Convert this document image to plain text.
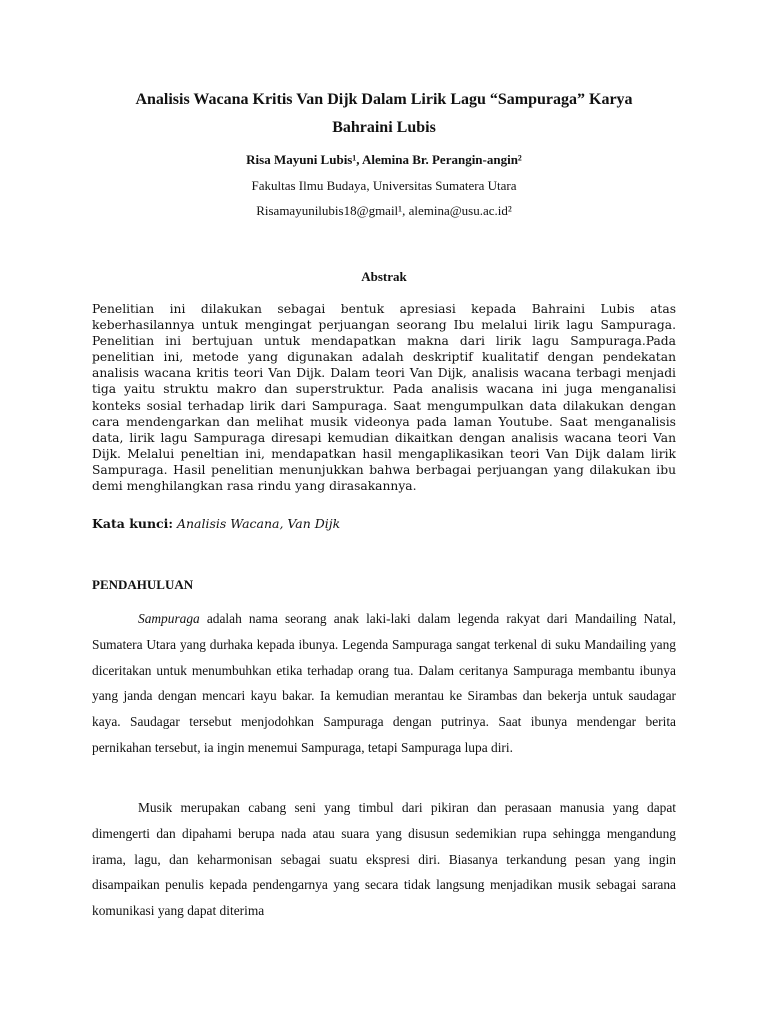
Analisis Wacana Kritis Van Dijk Dalam Lirik Lagu “Sampuraga” Karya
Bahraini Lubis

Risa Mayuni Lubis¹, Alemina Br. Perangin-angin²

Fakultas Ilmu Budaya, Universitas Sumatera Utara

Risamayunilubis18@gmail¹, alemina@usu.ac.id²

Abstrak

Penelitian ini dilakukan sebagai bentuk apresiasi kepada Bahraini Lubis atas keberhasilannya untuk mengingat perjuangan seorang Ibu melalui lirik lagu Sampuraga. Penelitian ini bertujuan untuk mendapatkan makna dari lirik lagu Sampuraga.Pada penelitian ini, metode yang digunakan adalah deskriptif kualitatif dengan pendekatan analisis wacana kritis teori Van Dijk. Dalam teori Van Dijk, analisis wacana terbagi menjadi tiga yaitu struktu makro dan superstruktur. Pada analisis wacana ini juga menganalisi konteks sosial terhadap lirik dari Sampuraga. Saat mengumpulkan data dilakukan dengan cara mendengarkan dan melihat musik videonya pada laman Youtube. Saat menganalisis data, lirik lagu Sampuraga diresapi kemudian dikaitkan dengan analisis wacana teori Van Dijk. Melalui peneltian ini, mendapatkan hasil mengaplikasikan teori Van Dijk dalam lirik Sampuraga. Hasil penelitian menunjukkan bahwa berbagai perjuangan yang dilakukan ibu demi menghilangkan rasa rindu yang dirasakannya.

Kata kunci: Analisis Wacana, Van Dijk

PENDAHULUAN

Sampuraga adalah nama seorang anak laki-laki dalam legenda rakyat dari Mandailing Natal, Sumatera Utara yang durhaka kepada ibunya. Legenda Sampuraga sangat terkenal di suku Mandailing yang diceritakan untuk menumbuhkan etika terhadap orang tua. Dalam ceritanya Sampuraga membantu ibunya yang janda dengan mencari kayu bakar. Ia kemudian merantau ke Sirambas dan bekerja untuk saudagar kaya. Saudagar tersebut menjodohkan Sampuraga dengan putrinya. Saat ibunya mendengar berita pernikahan tersebut, ia ingin menemui Sampuraga, tetapi Sampuraga lupa diri.

Musik merupakan cabang seni yang timbul dari pikiran dan perasaan manusia yang dapat dimengerti dan dipahami berupa nada atau suara yang disusun sedemikian rupa sehingga mengandung irama, lagu, dan keharmonisan sebagai suatu ekspresi diri. Biasanya terkandung pesan yang ingin disampaikan penulis kepada pendengarnya yang secara tidak langsung menjadikan musik sebagai sarana komunikasi yang dapat diterima
